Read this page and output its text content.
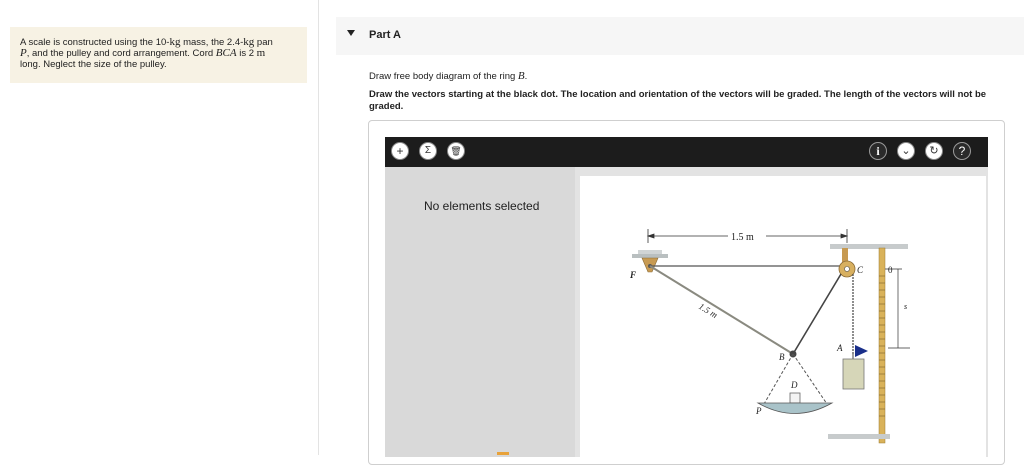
A scale is constructed using the 10-kg mass, the 2.4-kg pan
P, and the pulley and cord arrangement. Cord BCA is 2 m
long. Neglect the size of the pulley.
Part A
Draw free body diagram of the ring B.
Draw the vectors starting at the black dot. The location and orientation of the vectors will be graded. The length of the vectors will not be graded.
+	Σ	🗑	i	⌄	↻	?
No elements selected
1.5 m
F	C	0
s
1.5 m
B
A
D
P
